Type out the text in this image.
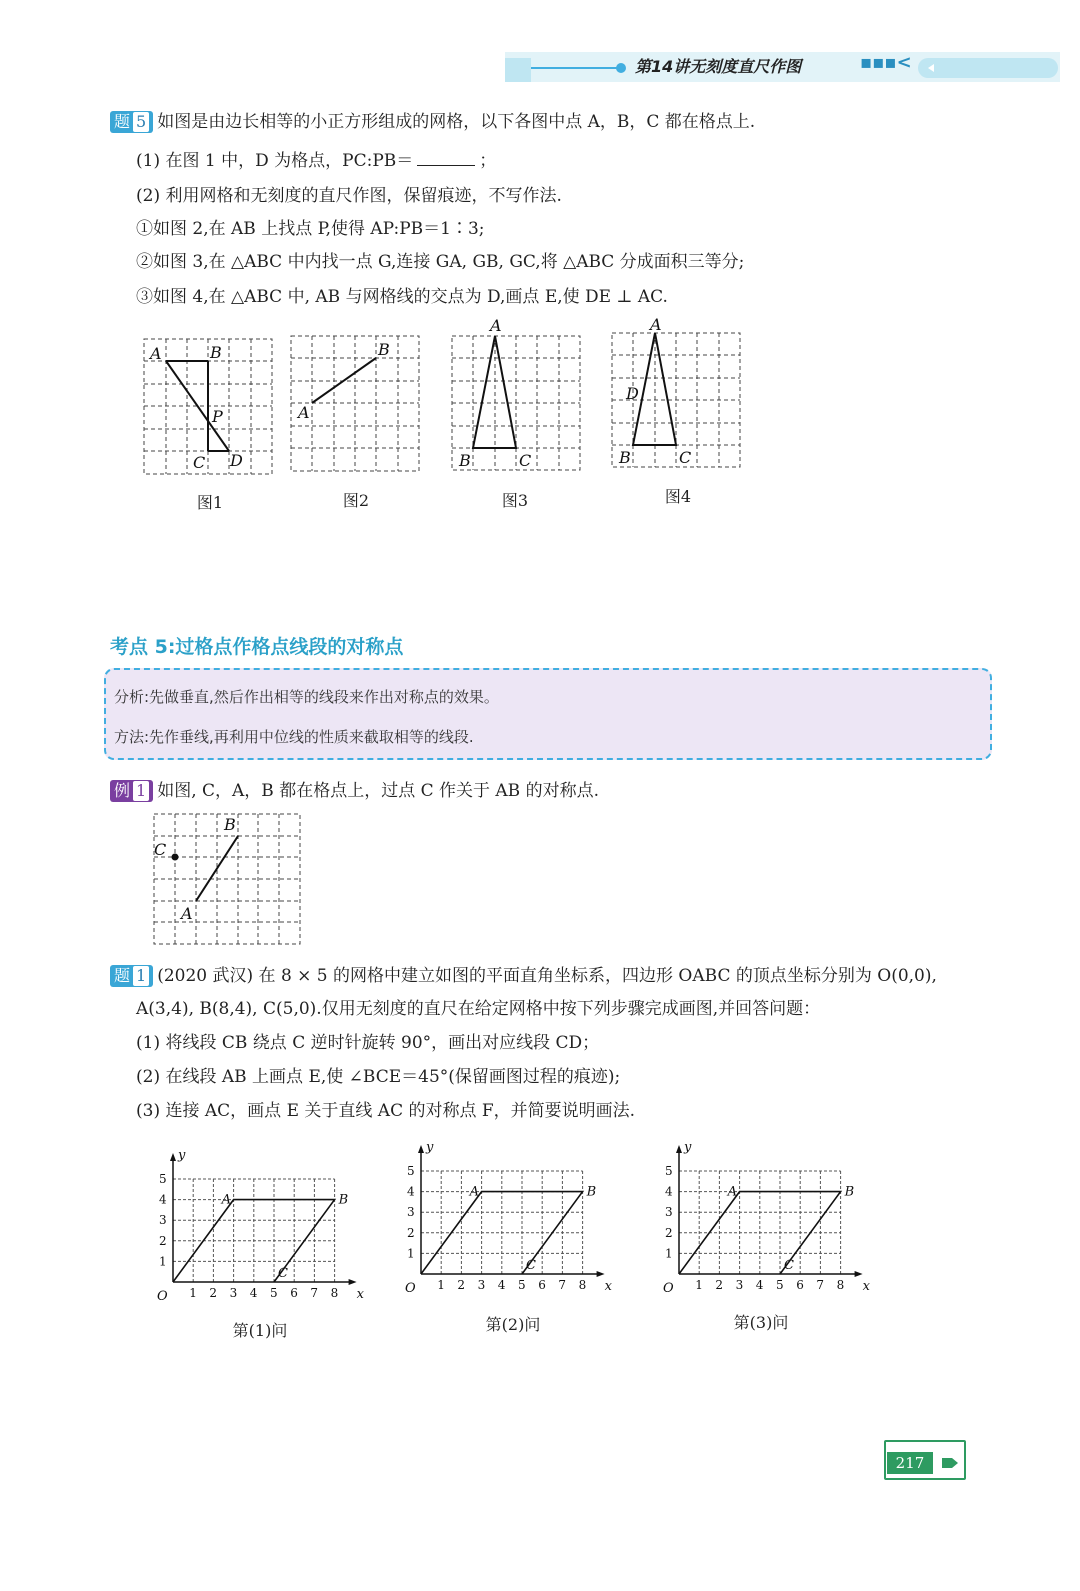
第14讲无刻度直尺作图	▪▪▪<
题 5 如图是由边长相等的小正方形组成的网格，以下各图中点 A，B，C 都在格点上.
(1) 在图 1 中，D 为格点，PC:PB＝	；
(2) 利用网格和无刻度的直尺作图，保留痕迹，不写作法.
①如图 2,在 AB 上找点 P,使得 AP:PB＝1∶3;
②如图 3,在 △ABC 中内找一点 G,连接 GA, GB, GC,将 △ABC 分成面积三等分;
③如图 4,在 △ABC 中, AB 与网格线的交点为 D,画点 E,使 DE ⊥ AC.
A	B
P
C D
图1
A
B
图2
A
B	C
图3
A
D
B	C
图4
考点 5:过格点作格点线段的对称点
分析:先做垂直,然后作出相等的线段来作出对称点的效果。
方法:先作垂线,再利用中位线的性质来截取相等的线段.
例 1 如图, C，A，B 都在格点上，过点 C 作关于 AB 的对称点.
B
C
A
题 1 (2020 武汉) 在 8 × 5 的网格中建立如图的平面直角坐标系，四边形 OABC 的顶点坐标分别为 O(0,0),
A(3,4), B(8,4), C(5,0).仅用无刻度的直尺在给定网格中按下列步骤完成画图,并回答问题：
(1) 将线段 CB 绕点 C 逆时针旋转 90°，画出对应线段 CD；
(2) 在线段 AB 上画点 E,使 ∠BCE＝45°(保留画图过程的痕迹);
(3) 连接 AC，画点 E 关于直线 AC 的对称点 F，并简要说明画法.
1 2 3 4 5 6 7 8
1
2
3
4
5
O	x
y
A	B
C
第(1)问
1 2 3 4 5 6 7 8
1
2
3
4
5
O	x
y
A	B
C
第(2)问
1 2 3 4 5 6 7 8
1
2
3
4
5
O	x
y
A	B
C
第(3)问
217
